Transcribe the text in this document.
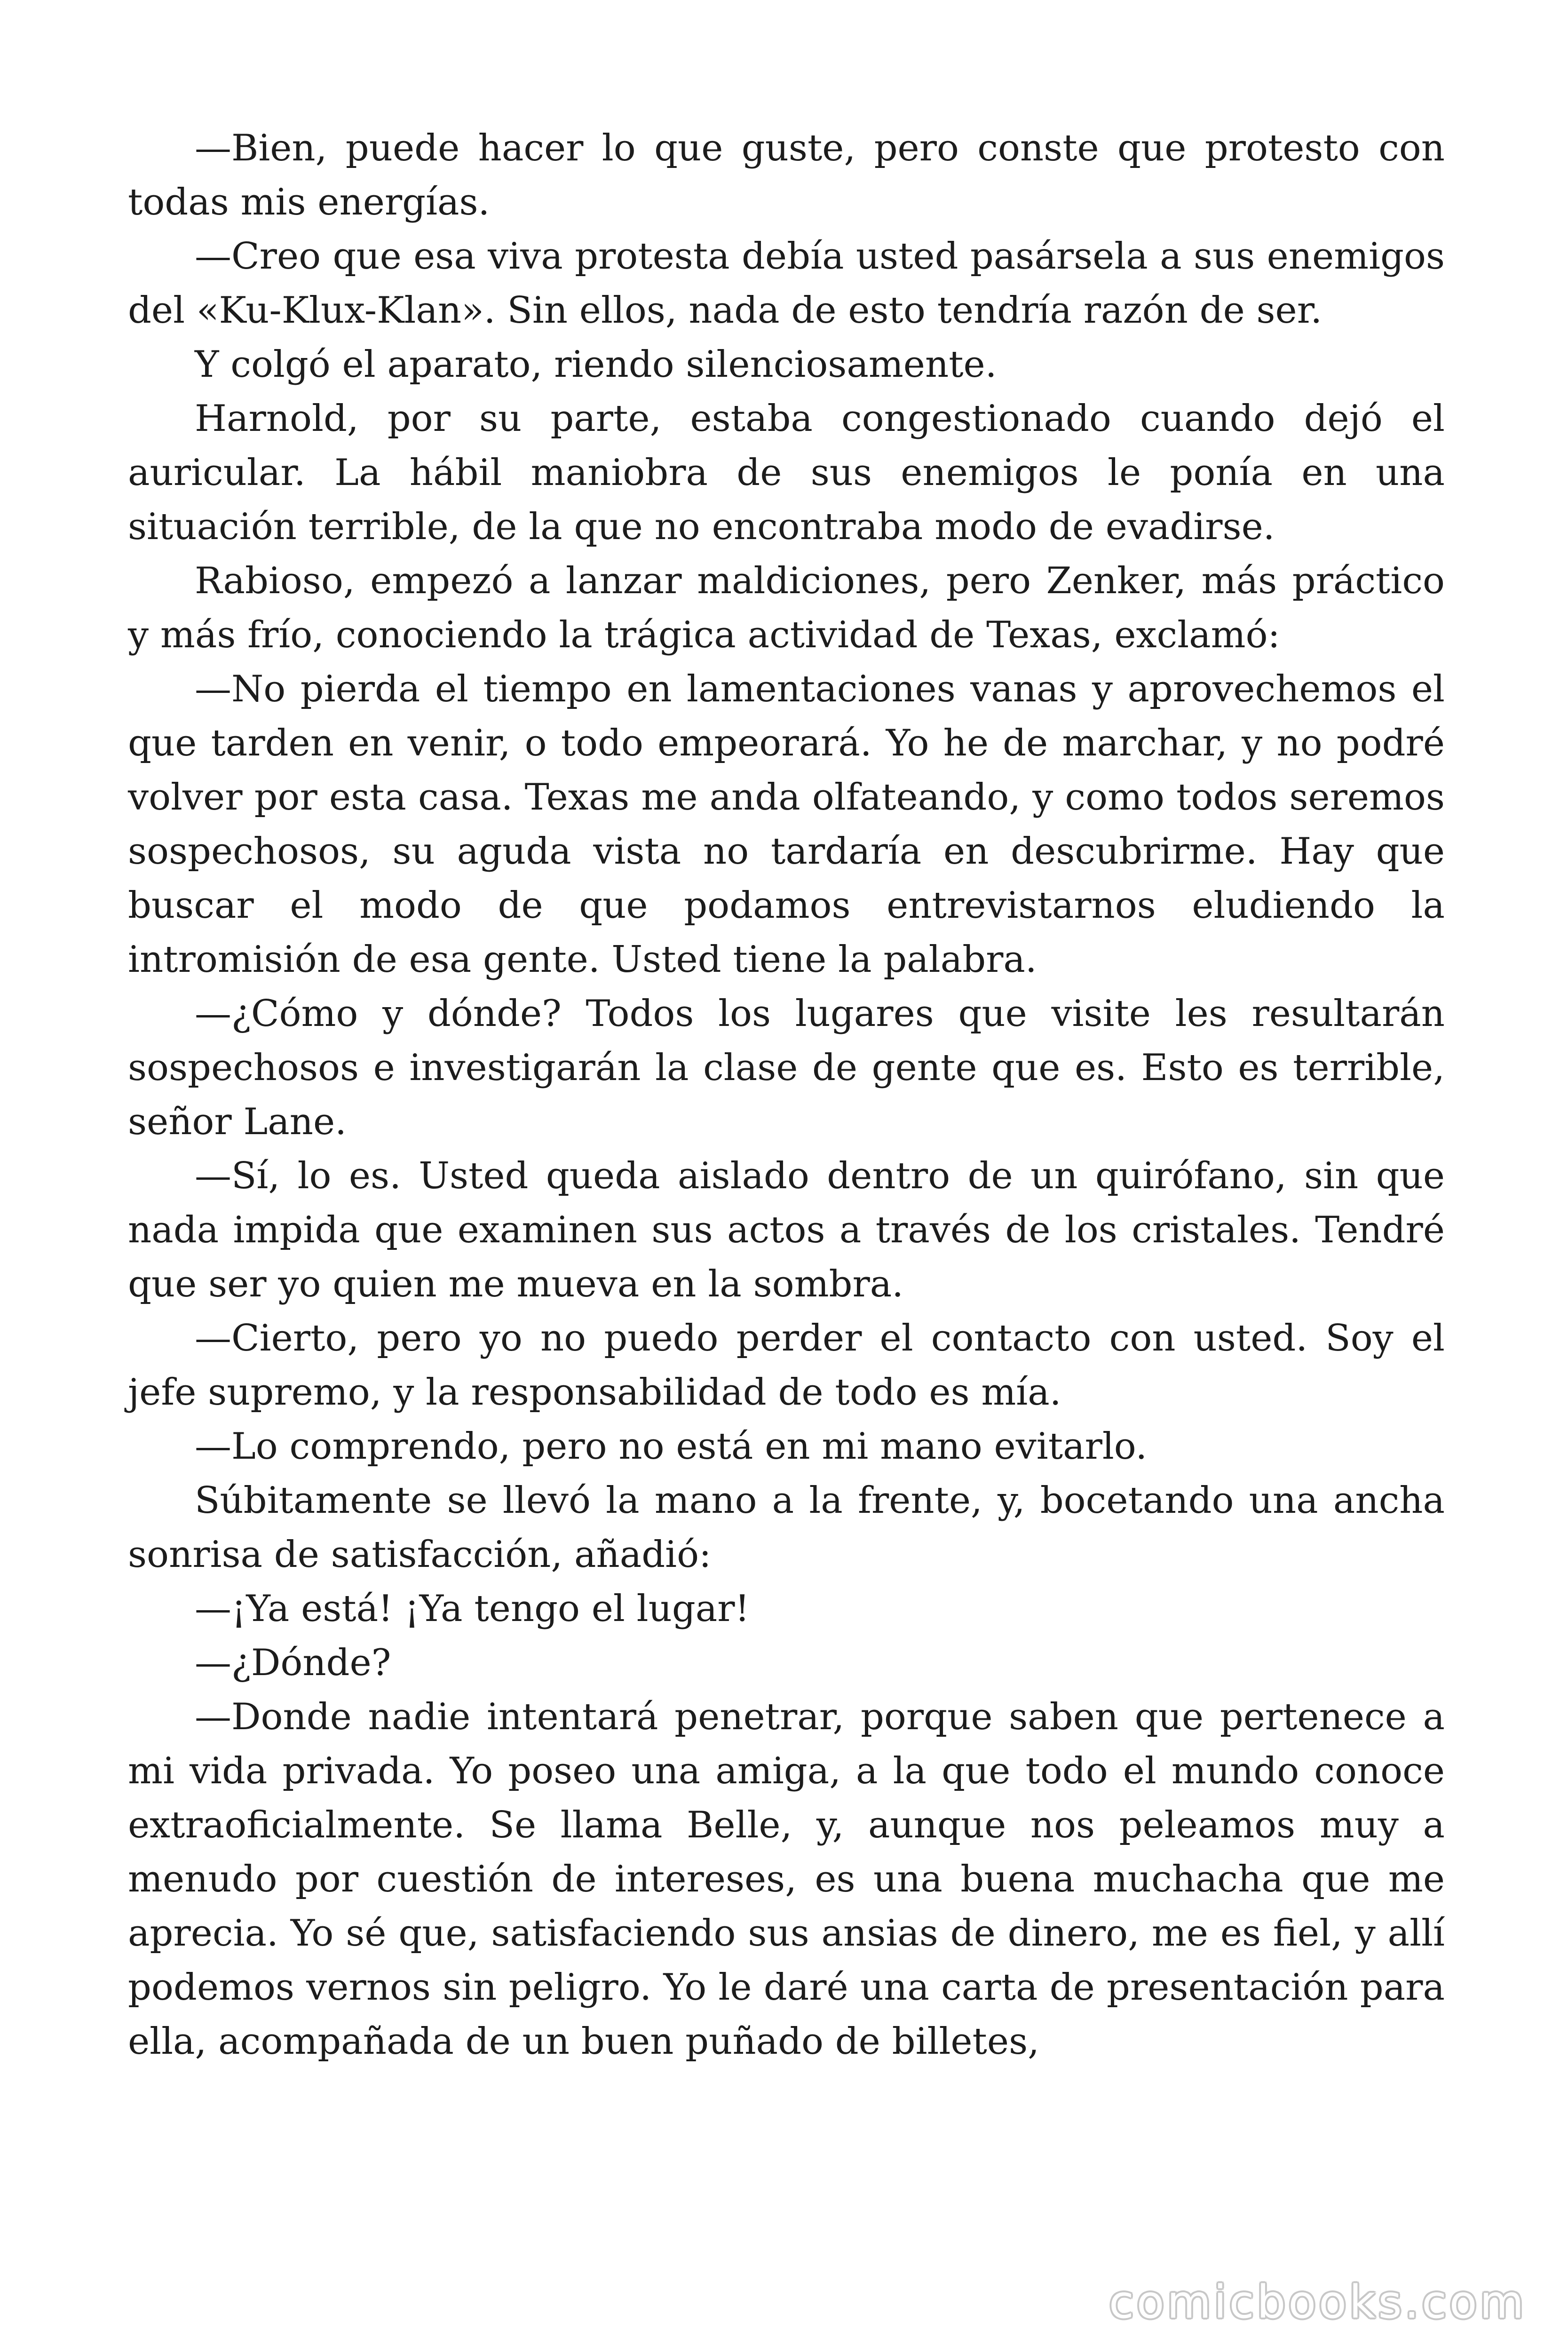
—Bien, puede hacer lo que guste, pero conste que protesto con todas mis energías.

—Creo que esa viva protesta debía usted pasársela a sus enemigos del «Ku-Klux-Klan». Sin ellos, nada de esto tendría razón de ser.

Y colgó el aparato, riendo silenciosamente.

Harnold, por su parte, estaba congestionado cuando dejó el auricular. La hábil maniobra de sus enemigos le ponía en una situación terrible, de la que no encontraba modo de evadirse.

Rabioso, empezó a lanzar maldiciones, pero Zenker, más práctico y más frío, conociendo la trágica actividad de Texas, exclamó:

—No pierda el tiempo en lamentaciones vanas y aprovechemos el que tarden en venir, o todo empeorará. Yo he de marchar, y no podré volver por esta casa. Texas me anda olfateando, y como todos seremos sospechosos, su aguda vista no tardaría en descubrirme. Hay que buscar el modo de que podamos entrevistarnos eludiendo la intromisión de esa gente. Usted tiene la palabra.

—¿Cómo y dónde? Todos los lugares que visite les resultarán sospechosos e investigarán la clase de gente que es. Esto es terrible, señor Lane.

—Sí, lo es. Usted queda aislado dentro de un quirófano, sin que nada impida que examinen sus actos a través de los cristales. Tendré que ser yo quien me mueva en la sombra.

—Cierto, pero yo no puedo perder el contacto con usted. Soy el jefe supremo, y la responsabilidad de todo es mía.

—Lo comprendo, pero no está en mi mano evitarlo.

Súbitamente se llevó la mano a la frente, y, bocetando una ancha sonrisa de satisfacción, añadió:

—¡Ya está! ¡Ya tengo el lugar!

—¿Dónde?

—Donde nadie intentará penetrar, porque saben que pertenece a mi vida privada. Yo poseo una amiga, a la que todo el mundo conoce extraoficialmente. Se llama Belle, y, aunque nos peleamos muy a menudo por cuestión de intereses, es una buena muchacha que me aprecia. Yo sé que, satisfaciendo sus ansias de dinero, me es fiel, y allí podemos vernos sin peligro. Yo le daré una carta de presentación para ella, acompañada de un buen puñado de billetes,

comicbooks.com
